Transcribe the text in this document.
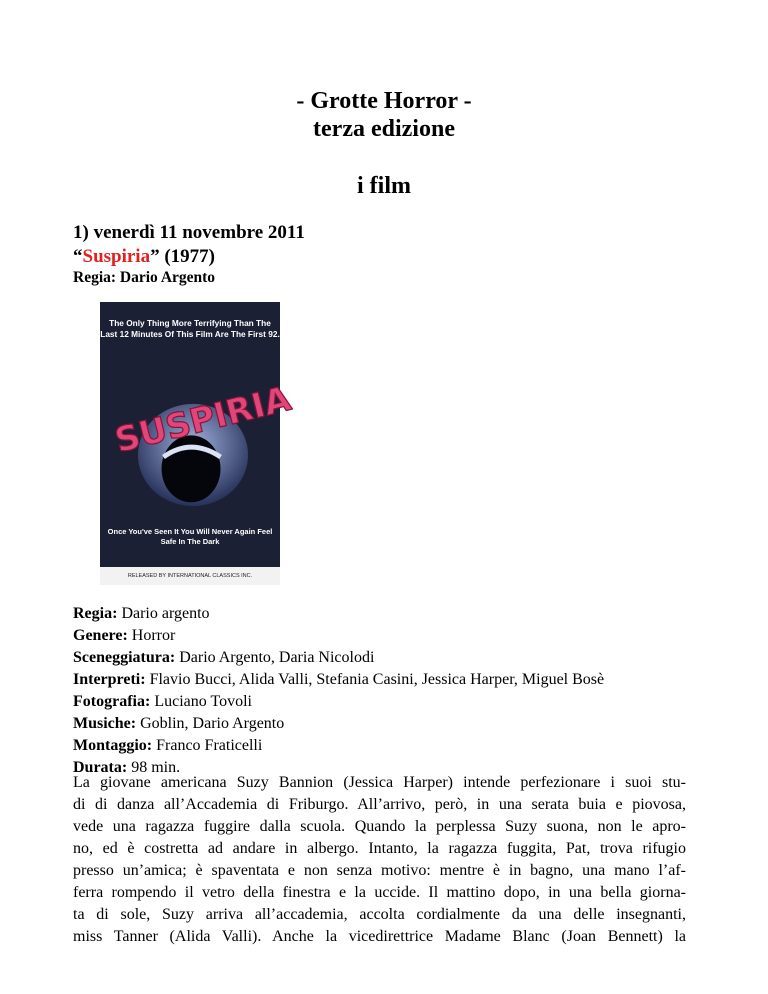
- Grotte Horror -
terza edizione
i film
1) venerdì 11 novembre 2011
“Suspiria” (1977)
Regia: Dario Argento
The Only Thing More Terrifying Than The Last 12 Minutes Of This Film Are The First 92.
SUSPIRIA
Once You've Seen It You Will Never Again Feel Safe In The Dark
RELEASED BY INTERNATIONAL CLASSICS INC.
Regia: Dario argento
Genere: Horror
Sceneggiatura: Dario Argento, Daria Nicolodi
Interpreti: Flavio Bucci, Alida Valli, Stefania Casini, Jessica Harper, Miguel Bosè
Fotografia: Luciano Tovoli
Musiche: Goblin, Dario Argento
Montaggio: Franco Fraticelli
Durata: 98 min.
La giovane americana Suzy Bannion (Jessica Harper) intende perfezionare i suoi stu-
di di danza all’Accademia di Friburgo. All’arrivo, però, in una serata buia e piovosa,
vede una ragazza fuggire dalla scuola. Quando la perplessa Suzy suona, non le apro-
no, ed è costretta ad andare in albergo. Intanto, la ragazza fuggita, Pat, trova rifugio
presso un’amica; è spaventata e non senza motivo: mentre è in bagno, una mano l’af-
ferra rompendo il vetro della finestra e la uccide. Il mattino dopo, in una bella giorna-
ta di sole, Suzy arriva all’accademia, accolta cordialmente da una delle insegnanti,
miss Tanner (Alida Valli). Anche la vicedirettrice Madame Blanc (Joan Bennett) la
